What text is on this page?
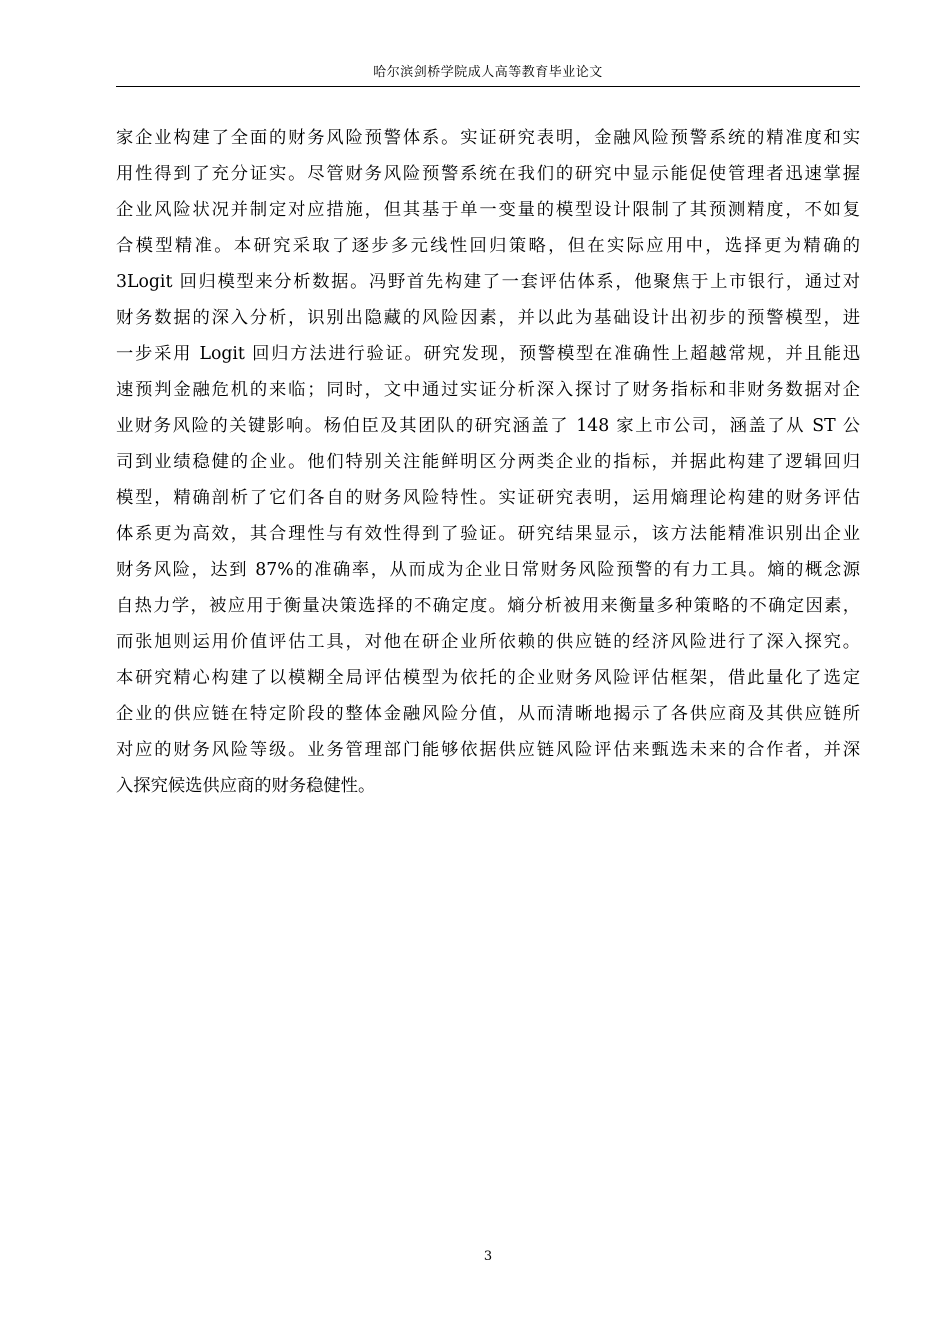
哈尔滨剑桥学院成人高等教育毕业论文
家企业构建了全面的财务风险预警体系。实证研究表明，金融风险预警系统的精准度和实
用性得到了充分证实。尽管财务风险预警系统在我们的研究中显示能促使管理者迅速掌握
企业风险状况并制定对应措施，但其基于单一变量的模型设计限制了其预测精度，不如复
合模型精准。本研究采取了逐步多元线性回归策略，但在实际应用中，选择更为精确的
3Logit 回归模型来分析数据。冯野首先构建了一套评估体系，他聚焦于上市银行，通过对
财务数据的深入分析，识别出隐藏的风险因素，并以此为基础设计出初步的预警模型，进
一步采用 Logit 回归方法进行验证。研究发现，预警模型在准确性上超越常规，并且能迅
速预判金融危机的来临；同时，文中通过实证分析深入探讨了财务指标和非财务数据对企
业财务风险的关键影响。杨伯臣及其团队的研究涵盖了 148 家上市公司，涵盖了从 ST 公
司到业绩稳健的企业。他们特别关注能鲜明区分两类企业的指标，并据此构建了逻辑回归
模型，精确剖析了它们各自的财务风险特性。实证研究表明，运用熵理论构建的财务评估
体系更为高效，其合理性与有效性得到了验证。研究结果显示，该方法能精准识别出企业
财务风险，达到 87%的准确率，从而成为企业日常财务风险预警的有力工具。熵的概念源
自热力学，被应用于衡量决策选择的不确定度。熵分析被用来衡量多种策略的不确定因素，
而张旭则运用价值评估工具，对他在研企业所依赖的供应链的经济风险进行了深入探究。
本研究精心构建了以模糊全局评估模型为依托的企业财务风险评估框架，借此量化了选定
企业的供应链在特定阶段的整体金融风险分值，从而清晰地揭示了各供应商及其供应链所
对应的财务风险等级。业务管理部门能够依据供应链风险评估来甄选未来的合作者，并深
入探究候选供应商的财务稳健性。
3
